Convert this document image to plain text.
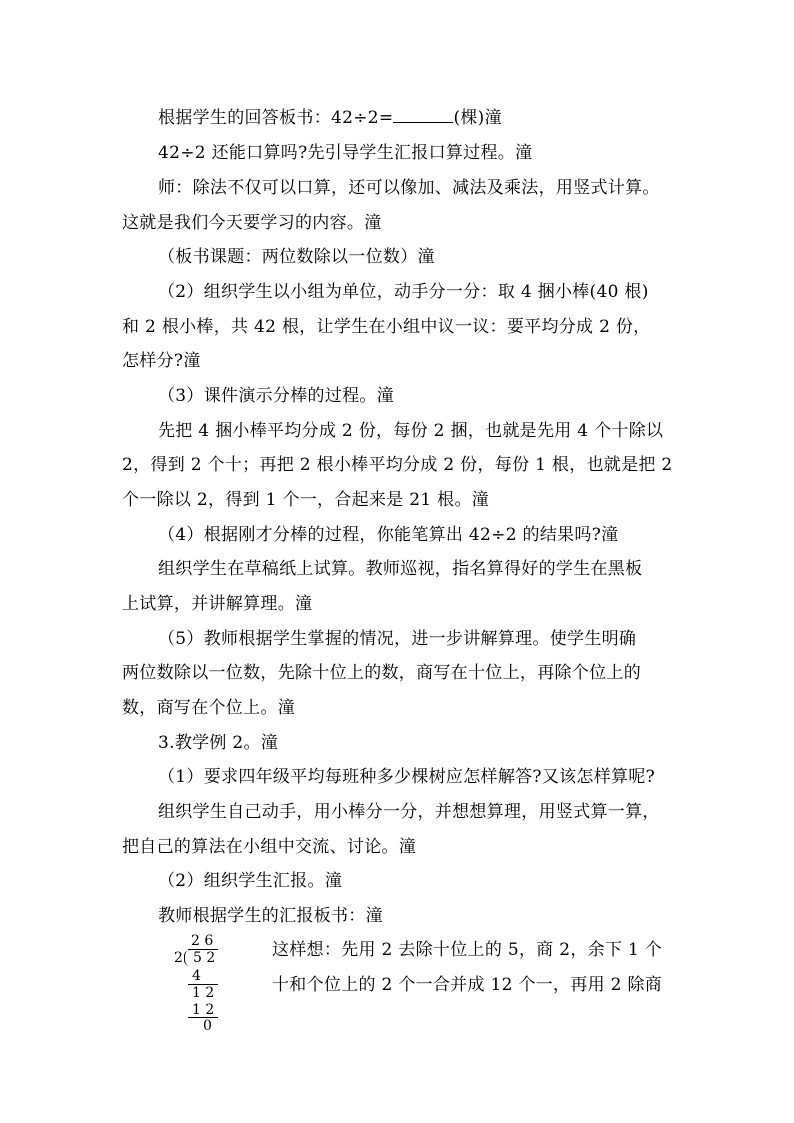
根据学生的回答板书：42÷2=	(棵)潼
42÷2 还能口算吗?先引导学生汇报口算过程。潼
师：除法不仅可以口算，还可以像加、减法及乘法，用竖式计算。
这就是我们今天要学习的内容。潼
（板书课题：两位数除以一位数）潼
（2）组织学生以小组为单位，动手分一分：取 4 捆小棒(40 根)
和 2 根小棒，共 42 根，让学生在小组中议一议：要平均分成 2 份，
怎样分?潼
（3）课件演示分棒的过程。潼
先把 4 捆小棒平均分成 2 份，每份 2 捆，也就是先用 4 个十除以
2，得到 2 个十；再把 2 根小棒平均分成 2 份，每份 1 根，也就是把 2
个一除以 2，得到 1 个一，合起来是 21 根。潼
（4）根据刚才分棒的过程，你能笔算出 42÷2 的结果吗?潼
组织学生在草稿纸上试算。教师巡视，指名算得好的学生在黑板
上试算，并讲解算理。潼
（5）教师根据学生掌握的情况，进一步讲解算理。使学生明确
两位数除以一位数，先除十位上的数，商写在十位上，再除个位上的
数，商写在个位上。潼
3.教学例 2。潼
（1）要求四年级平均每班种多少棵树应怎样解答?又该怎样算呢?
组织学生自己动手，用小棒分一分，并想想算理，用竖式算一算，
把自己的算法在小组中交流、讨论。潼
（2）组织学生汇报。潼
教师根据学生的汇报板书：潼
这样想：先用 2 去除十位上的 5，商 2，余下 1 个
十和个位上的 2 个一合并成 12 个一，再用 2 除商
2 6
2 5 2
4
1 2
1 2
0
